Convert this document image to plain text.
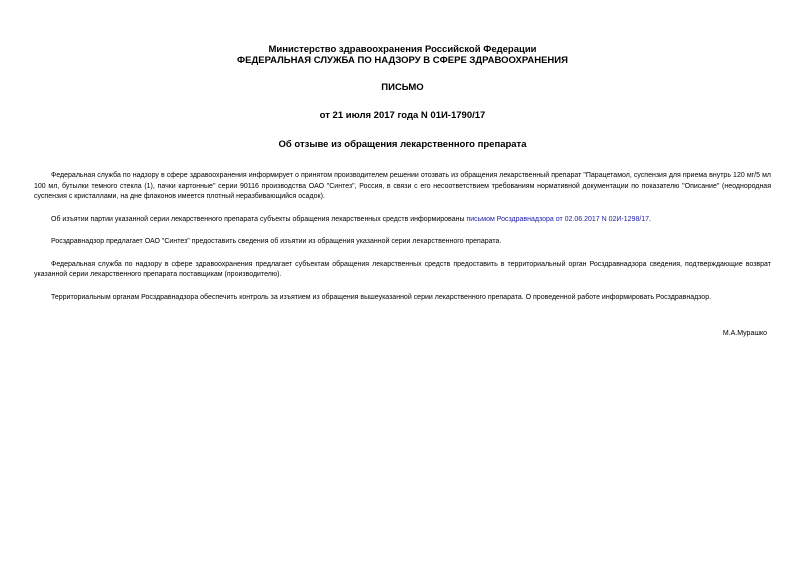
Министерство здравоохранения Российской Федерации
ФЕДЕРАЛЬНАЯ СЛУЖБА ПО НАДЗОРУ В СФЕРЕ ЗДРАВООХРАНЕНИЯ
ПИСЬМО
от 21 июля 2017 года N 01И-1790/17
Об отзыве из обращения лекарственного препарата

Федеральная служба по надзору в сфере здравоохранения информирует о принятом производителем решении отозвать из обращения лекарственный препарат "Парацетамол, суспензия для приема внутрь 120 мг/5 мл 100 мл, бутылки темного стекла (1), пачки картонные" серии 90116 производства ОАО "Синтез", Россия, в связи с его несоответствием требованиям нормативной документации по показателю "Описание" (неоднородная суспензия с кристаллами, на дне флаконов имеется плотный неразбивающийся осадок).

Об изъятии партии указанной серии лекарственного препарата субъекты обращения лекарственных средств информированы письмом Росздравнадзора от 02.06.2017 N 02И-1298/17.

Росздравнадзор предлагает ОАО "Синтез" предоставить сведения об изъятии из обращения указанной серии лекарственного препарата.

Федеральная служба по надзору в сфере здравоохранения предлагает субъектам обращения лекарственных средств предоставить в территориальный орган Росздравнадзора сведения, подтверждающие возврат указанной серии лекарственного препарата поставщикам (производителю).

Территориальным органам Росздравнадзора обеспечить контроль за изъятием из обращения вышеуказанной серии лекарственного препарата. О проведенной работе информировать Росздравнадзор.

М.А.Мурашко
